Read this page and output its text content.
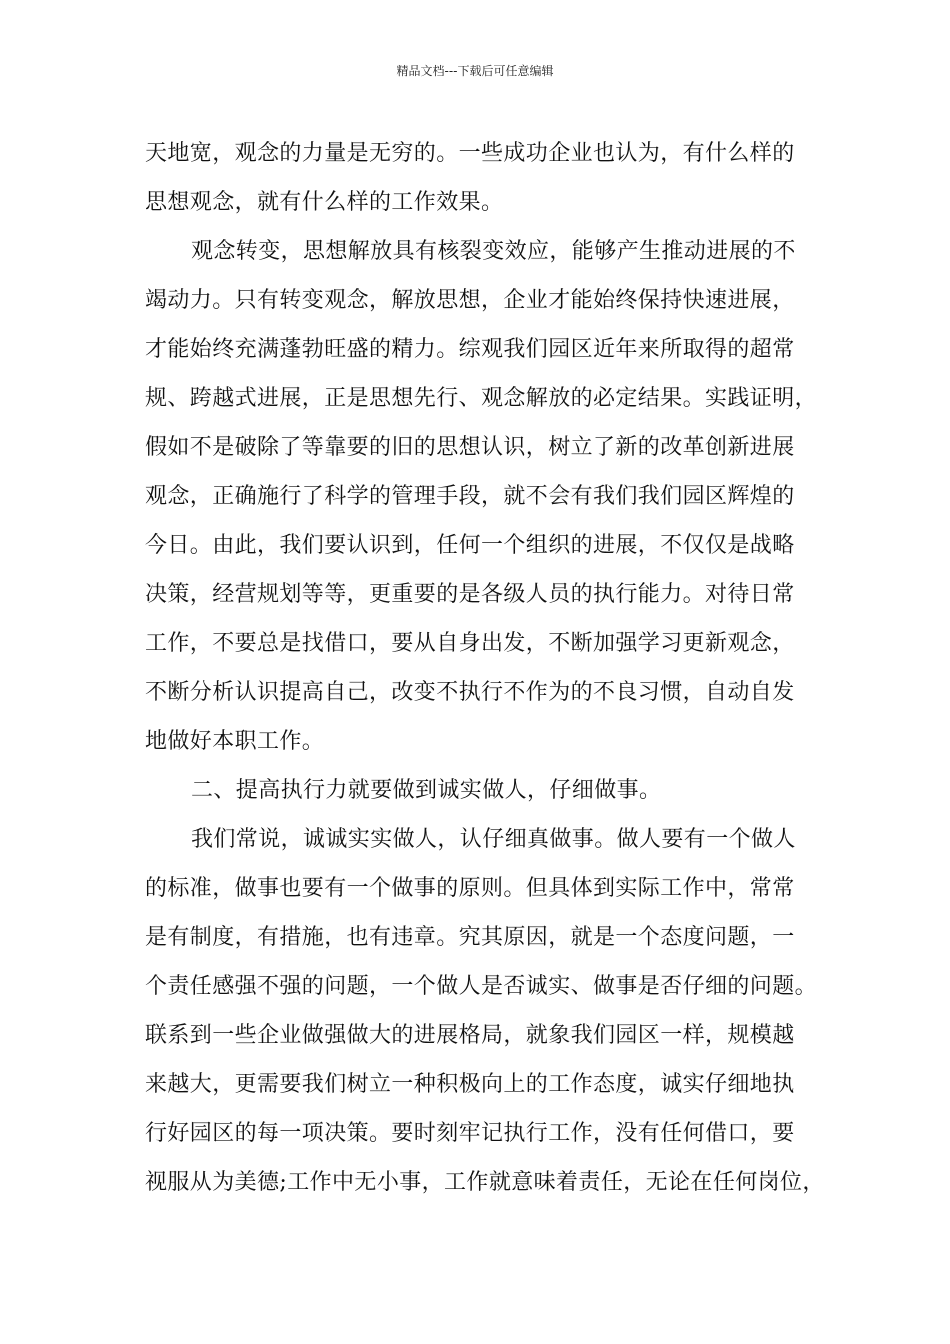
精品文档---下载后可任意编辑
天地宽，观念的力量是无穷的。一些成功企业也认为，有什么样的
思想观念，就有什么样的工作效果。
观念转变，思想解放具有核裂变效应，能够产生推动进展的不
竭动力。只有转变观念，解放思想，企业才能始终保持快速进展，
才能始终充满蓬勃旺盛的精力。综观我们园区近年来所取得的超常
规、跨越式进展，正是思想先行、观念解放的必定结果。实践证明，
假如不是破除了等靠要的旧的思想认识，树立了新的改革创新进展
观念，正确施行了科学的管理手段，就不会有我们我们园区辉煌的
今日。由此，我们要认识到，任何一个组织的进展，不仅仅是战略
决策，经营规划等等，更重要的是各级人员的执行能力。对待日常
工作，不要总是找借口，要从自身出发，不断加强学习更新观念，
不断分析认识提高自己，改变不执行不作为的不良习惯，自动自发
地做好本职工作。
二、提高执行力就要做到诚实做人，仔细做事。
我们常说，诚诚实实做人，认仔细真做事。做人要有一个做人
的标准，做事也要有一个做事的原则。但具体到实际工作中，常常
是有制度，有措施，也有违章。究其原因，就是一个态度问题，一
个责任感强不强的问题，一个做人是否诚实、做事是否仔细的问题。
联系到一些企业做强做大的进展格局，就象我们园区一样，规模越
来越大，更需要我们树立一种积极向上的工作态度，诚实仔细地执
行好园区的每一项决策。要时刻牢记执行工作，没有任何借口，要
视服从为美德;工作中无小事，工作就意味着责任，无论在任何岗位，
